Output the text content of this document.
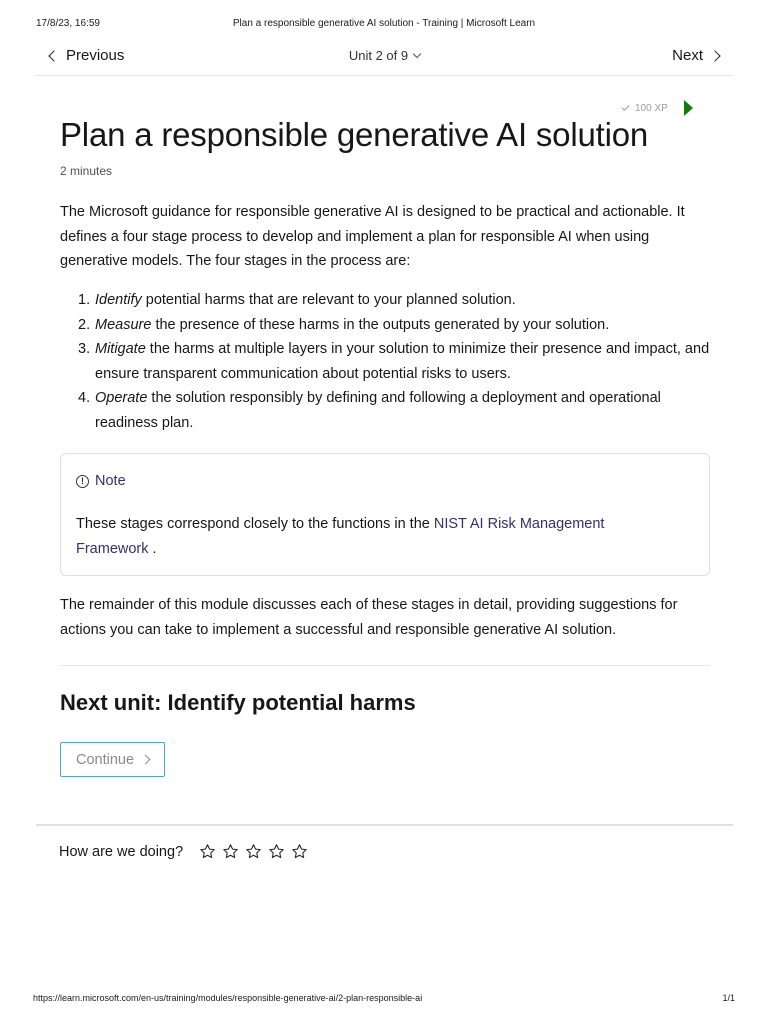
17/8/23, 16:59	Plan a responsible generative AI solution - Training | Microsoft Learn
Previous	Unit 2 of 9	Next
100 XP
Plan a responsible generative AI solution
2 minutes

The Microsoft guidance for responsible generative AI is designed to be practical and actionable. It defines a four stage process to develop and implement a plan for responsible AI when using generative models. The four stages in the process are:

1. Identify potential harms that are relevant to your planned solution.
2. Measure the presence of these harms in the outputs generated by your solution.
3. Mitigate the harms at multiple layers in your solution to minimize their presence and impact, and ensure transparent communication about potential risks to users.
4. Operate the solution responsibly by defining and following a deployment and operational readiness plan.
! Note

These stages correspond closely to the functions in the NIST AI Risk Management Framework .

The remainder of this module discusses each of these stages in detail, providing suggestions for actions you can take to implement a successful and responsible generative AI solution.

Next unit: Identify potential harms
Continue
How are we doing?
https://learn.microsoft.com/en-us/training/modules/responsible-generative-ai/2-plan-responsible-ai	1/1
